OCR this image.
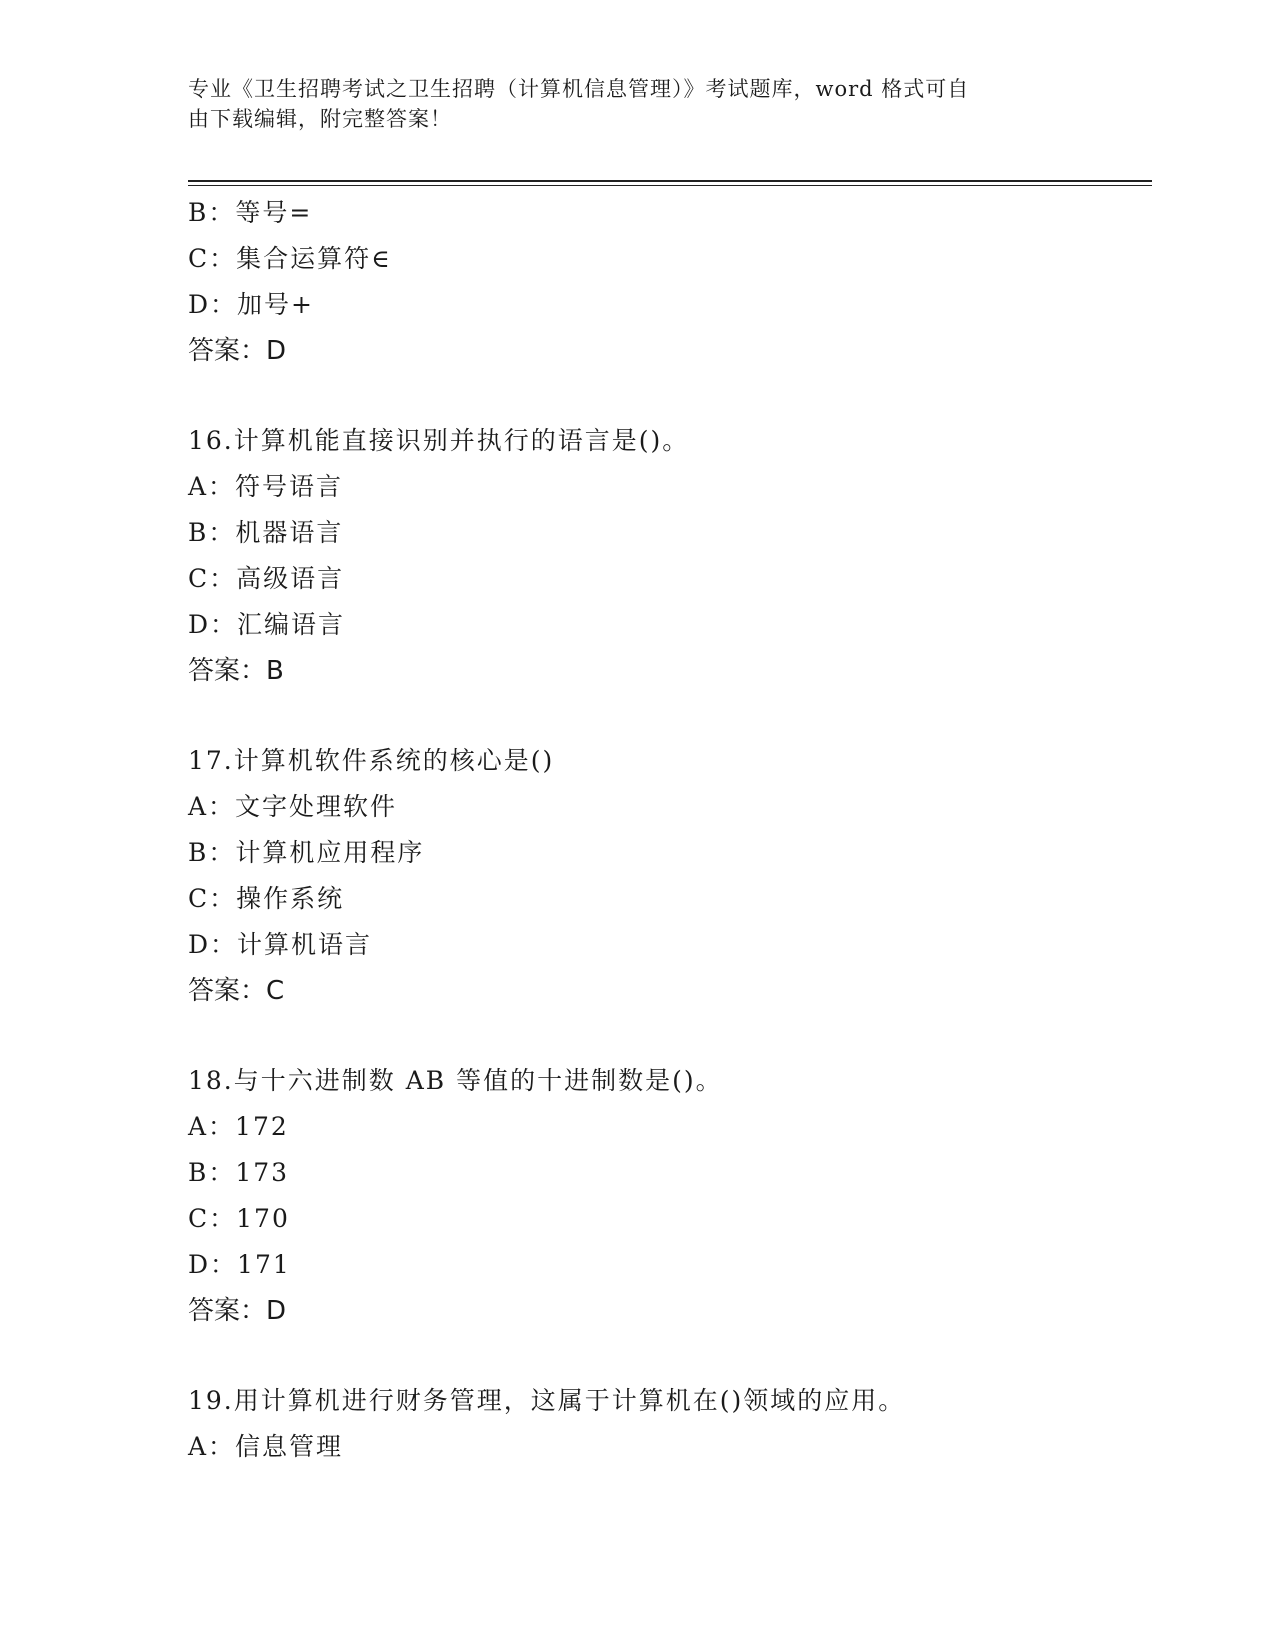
专业《卫生招聘考试之卫生招聘（计算机信息管理）》考试题库，word 格式可自
由下载编辑，附完整答案！
B：等号=
C：集合运算符∈
D：加号+
答案：D
16.计算机能直接识别并执行的语言是()。
A：符号语言
B：机器语言
C：高级语言
D：汇编语言
答案：B
17.计算机软件系统的核心是()
A：文字处理软件
B：计算机应用程序
C：操作系统
D：计算机语言
答案：C
18.与十六进制数 AB 等值的十进制数是()。
A：172
B：173
C：170
D：171
答案：D
19.用计算机进行财务管理，这属于计算机在()领域的应用。
A：信息管理
